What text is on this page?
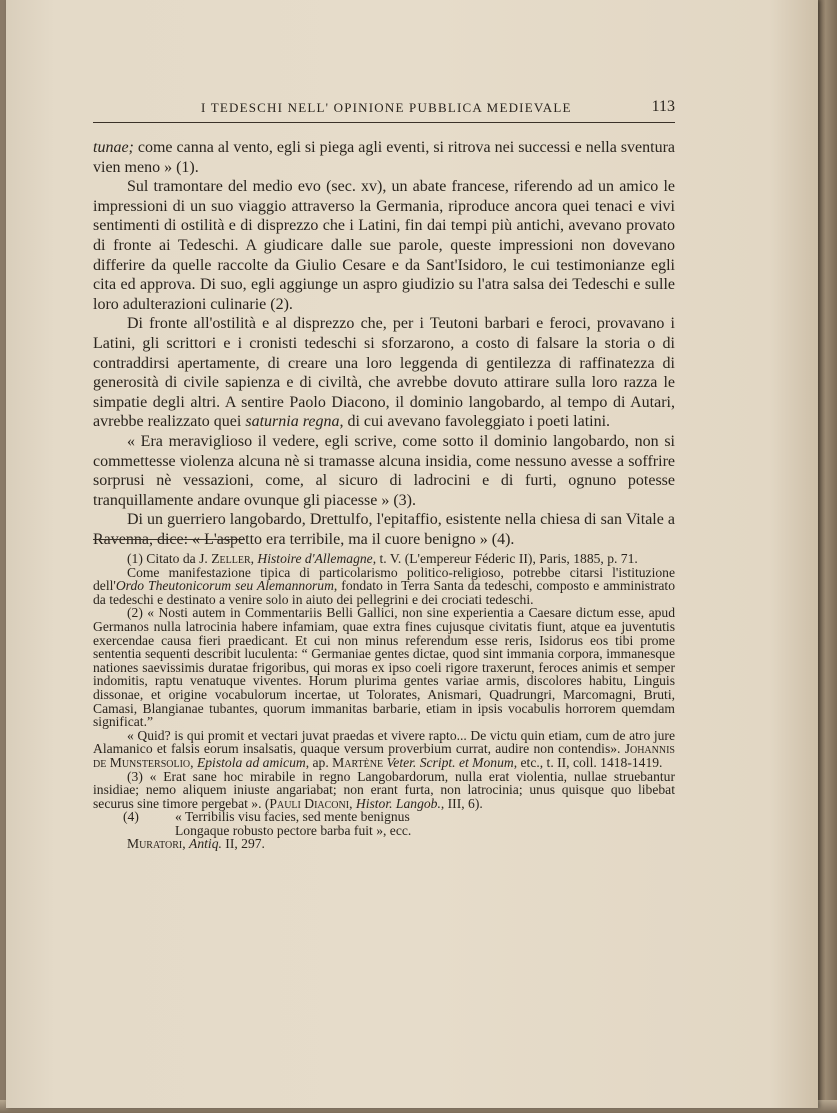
I TEDESCHI NELL' OPINIONE PUBBLICA MEDIEVALE	113

tunae; come canna al vento, egli si piega agli eventi, si ritrova nei successi e nella sventura vien meno » (1).

Sul tramontare del medio evo (sec. xv), un abate francese, riferendo ad un amico le impressioni di un suo viaggio attraverso la Germania, riproduce ancora quei tenaci e vivi sentimenti di ostilità e di disprezzo che i Latini, fin dai tempi più antichi, avevano provato di fronte ai Tedeschi. A giudicare dalle sue parole, queste impressioni non dovevano differire da quelle raccolte da Giulio Cesare e da Sant'Isidoro, le cui testimonianze egli cita ed approva. Di suo, egli aggiunge un aspro giudizio su l'atra salsa dei Tedeschi e sulle loro adulterazioni culinarie (2).

Di fronte all'ostilità e al disprezzo che, per i Teutoni barbari e feroci, provavano i Latini, gli scrittori e i cronisti tedeschi si sforzarono, a costo di falsare la storia o di contraddirsi apertamente, di creare una loro leggenda di gentilezza di raffinatezza di generosità di civile sapienza e di civiltà, che avrebbe dovuto attirare sulla loro razza le simpatie degli altri. A sentire Paolo Diacono, il dominio langobardo, al tempo di Autari, avrebbe realizzato quei saturnia regna, di cui avevano favoleggiato i poeti latini.

« Era meraviglioso il vedere, egli scrive, come sotto il dominio langobardo, non si commettesse violenza alcuna nè si tramasse alcuna insidia, come nessuno avesse a soffrire sorprusi nè vessazioni, come, al sicuro di ladrocini e di furti, ognuno potesse tranquillamente andare ovunque gli piacesse » (3).

Di un guerriero langobardo, Drettulfo, l'epitaffio, esistente nella chiesa di san Vitale a Ravenna, dice: « L'aspetto era terribile, ma il cuore benigno » (4).

(1) Citato da J. Zeller, Histoire d'Allemagne, t. V. (L'empereur Féderic II), Paris, 1885, p. 71.

Come manifestazione tipica di particolarismo politico-religioso, potrebbe citarsi l'istituzione dell'Ordo Theutonicorum seu Alemannorum, fondato in Terra Santa da tedeschi, composto e amministrato da tedeschi e destinato a venire solo in aiuto dei pellegrini e dei crociati tedeschi.

(2) « Nosti autem in Commentariis Belli Gallici, non sine experientia a Caesare dictum esse, apud Germanos nulla latrocinia habere infamiam, quae extra fines cujusque civitatis fiunt, atque ea juventutis exercendae causa fieri praedicant. Et cui non minus referendum esse reris, Isidorus eos tibi prome sententia sequenti describit luculenta: “ Germaniae gentes dictae, quod sint immania corpora, immanesque nationes saevissimis duratae frigoribus, qui moras ex ipso coeli rigore traxerunt, feroces animis et semper indomitis, raptu venatuque viventes. Horum plurima gentes variae armis, discolores habitu, Linguis dissonae, et origine vocabulorum incertae, ut Tolorates, Anismari, Quadrungri, Marcomagni, Bruti, Camasi, Blangianae tubantes, quorum immanitas barbarie, etiam in ipsis vocabulis horrorem quemdam significat.”

« Quid? is qui promit et vectari juvat praedas et vivere rapto... De victu quin etiam, cum de atro jure Alamanico et falsis eorum insalsatis, quaque versum proverbium currat, audire non contendis». Johannis de Munstersolio, Epistola ad amicum, ap. Martène Veter. Script. et Monum, etc., t. II, coll. 1418-1419.

(3) « Erat sane hoc mirabile in regno Langobardorum, nulla erat violentia, nullae struebantur insidiae; nemo aliquem iniuste angariabat; non erant furta, non latrocinia; unus quisque quo libebat securus sine timore pergebat ». (Pauli Diaconi, Histor. Langob., III, 6).

(4)	« Terribilis visu facies, sed mente benignus
Longaque robusto pectore barba fuit », ecc.

Muratori, Antiq. II, 297.
